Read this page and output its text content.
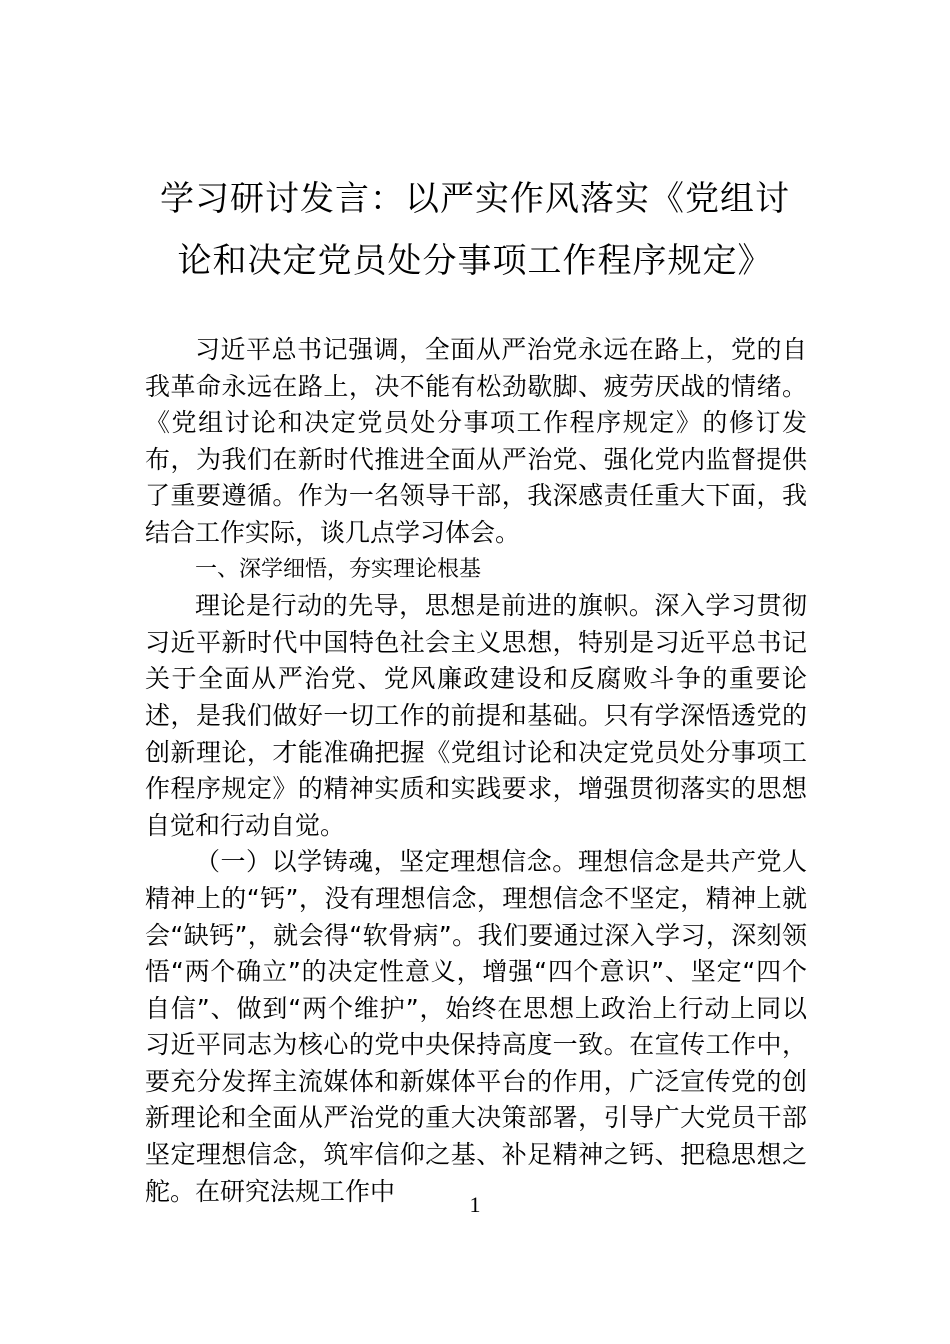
学习研讨发言：以严实作风落实《党组讨
论和决定党员处分事项工作程序规定》

习近平总书记强调，全面从严治党永远在路上，党的自我革命永远在路上，决不能有松劲歇脚、疲劳厌战的情绪。《党组讨论和决定党员处分事项工作程序规定》的修订发布，为我们在新时代推进全面从严治党、强化党内监督提供了重要遵循。作为一名领导干部，我深感责任重大下面，我结合工作实际，谈几点学习体会。

一、深学细悟，夯实理论根基

理论是行动的先导，思想是前进的旗帜。深入学习贯彻习近平新时代中国特色社会主义思想，特别是习近平总书记关于全面从严治党、党风廉政建设和反腐败斗争的重要论述，是我们做好一切工作的前提和基础。只有学深悟透党的创新理论，才能准确把握《党组讨论和决定党员处分事项工作程序规定》的精神实质和实践要求，增强贯彻落实的思想自觉和行动自觉。

（一）以学铸魂，坚定理想信念。理想信念是共产党人精神上的“钙”，没有理想信念，理想信念不坚定，精神上就会“缺钙”，就会得“软骨病”。我们要通过深入学习，深刻领悟“两个确立”的决定性意义，增强“四个意识”、坚定“四个自信”、做到“两个维护”，始终在思想上政治上行动上同以习近平同志为核心的党中央保持高度一致。在宣传工作中，要充分发挥主流媒体和新媒体平台的作用，广泛宣传党的创新理论和全面从严治党的重大决策部署，引导广大党员干部坚定理想信念，筑牢信仰之基、补足精神之钙、把稳思想之舵。在研究法规工作中	1
